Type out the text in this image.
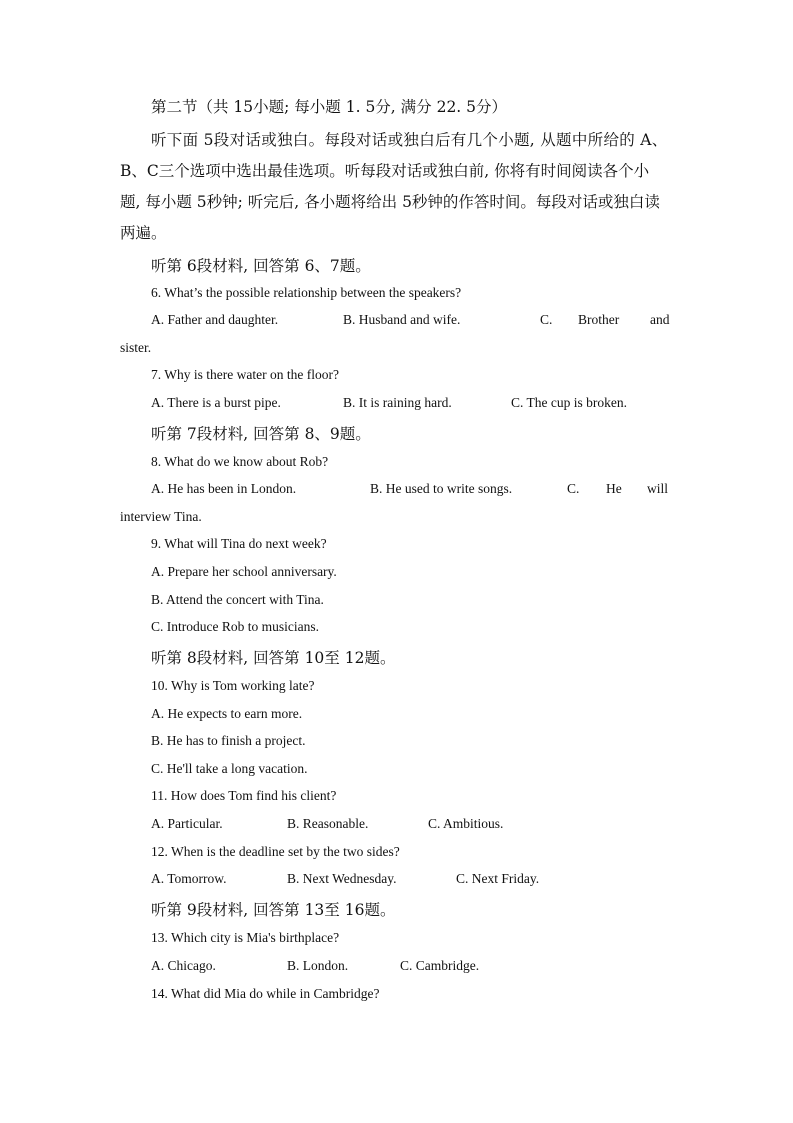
第二节（共 15小题; 每小题 1. 5分, 满分 22. 5分）
听下面 5段对话或独白。每段对话或独白后有几个小题, 从题中所给的 A、
B、C三个选项中选出最佳选项。听每段对话或独白前, 你将有时间阅读各个小
题, 每小题 5秒钟; 听完后, 各小题将给出 5秒钟的作答时间。每段对话或独白读
两遍。
听第 6段材料, 回答第 6、7题。
6. What’s the possible relationship between the speakers?
A. Father and daughter.	B. Husband and wife.	C. Brother and
sister.
7. Why is there water on the floor?
A. There is a burst pipe.	B. It is raining hard.	C. The cup is broken.
听第 7段材料, 回答第 8、9题。
8. What do we know about Rob?
A. He has been in London.	B. He used to write songs.	C. He will
interview Tina.
9. What will Tina do next week?
A. Prepare her school anniversary.
B. Attend the concert with Tina.
C. Introduce Rob to musicians.
听第 8段材料, 回答第 10至 12题。
10. Why is Tom working late?
A. He expects to earn more.
B. He has to finish a project.
C. He'll take a long vacation.
11. How does Tom find his client?
A. Particular.	B. Reasonable.	C. Ambitious.
12. When is the deadline set by the two sides?
A. Tomorrow.	B. Next Wednesday.	C. Next Friday.
听第 9段材料, 回答第 13至 16题。
13. Which city is Mia's birthplace?
A. Chicago.	B. London.	C. Cambridge.
14. What did Mia do while in Cambridge?
